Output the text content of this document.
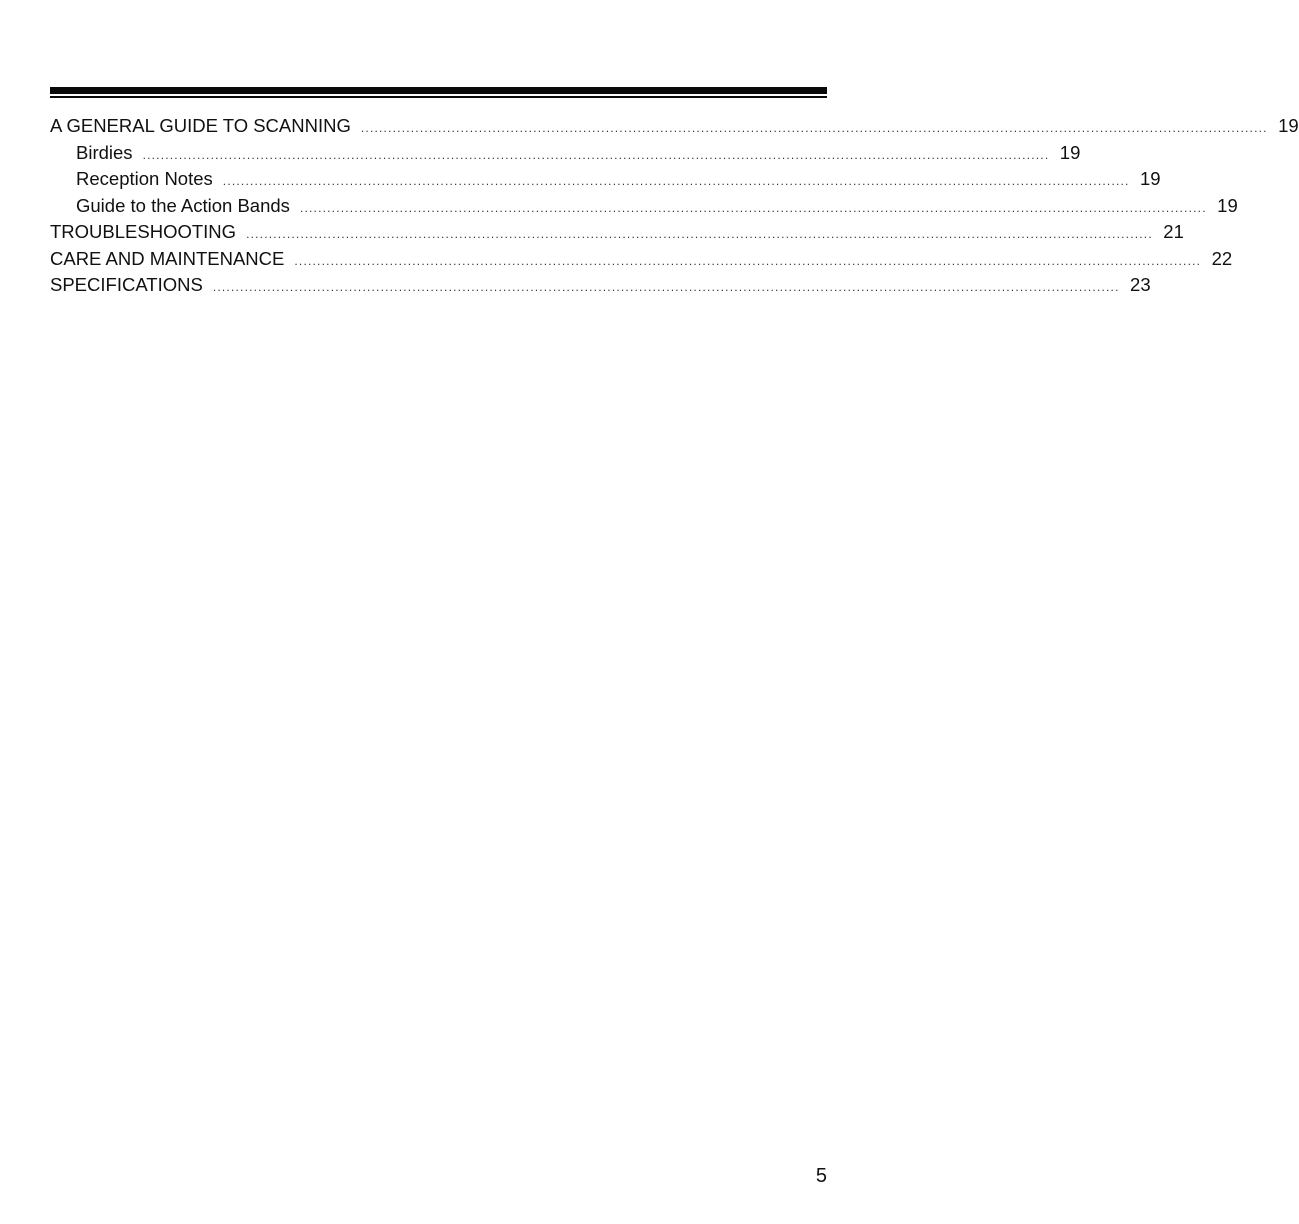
A GENERAL GUIDE TO SCANNING ........................................................................................................................................................................................................ 19
Birdies ........................................................................................................................................................................................................ 19
Reception Notes ........................................................................................................................................................................................................ 19
Guide to the Action Bands ........................................................................................................................................................................................................ 19
TROUBLESHOOTING ........................................................................................................................................................................................................ 21
CARE AND MAINTENANCE ........................................................................................................................................................................................................ 22
SPECIFICATIONS ........................................................................................................................................................................................................ 23
5
